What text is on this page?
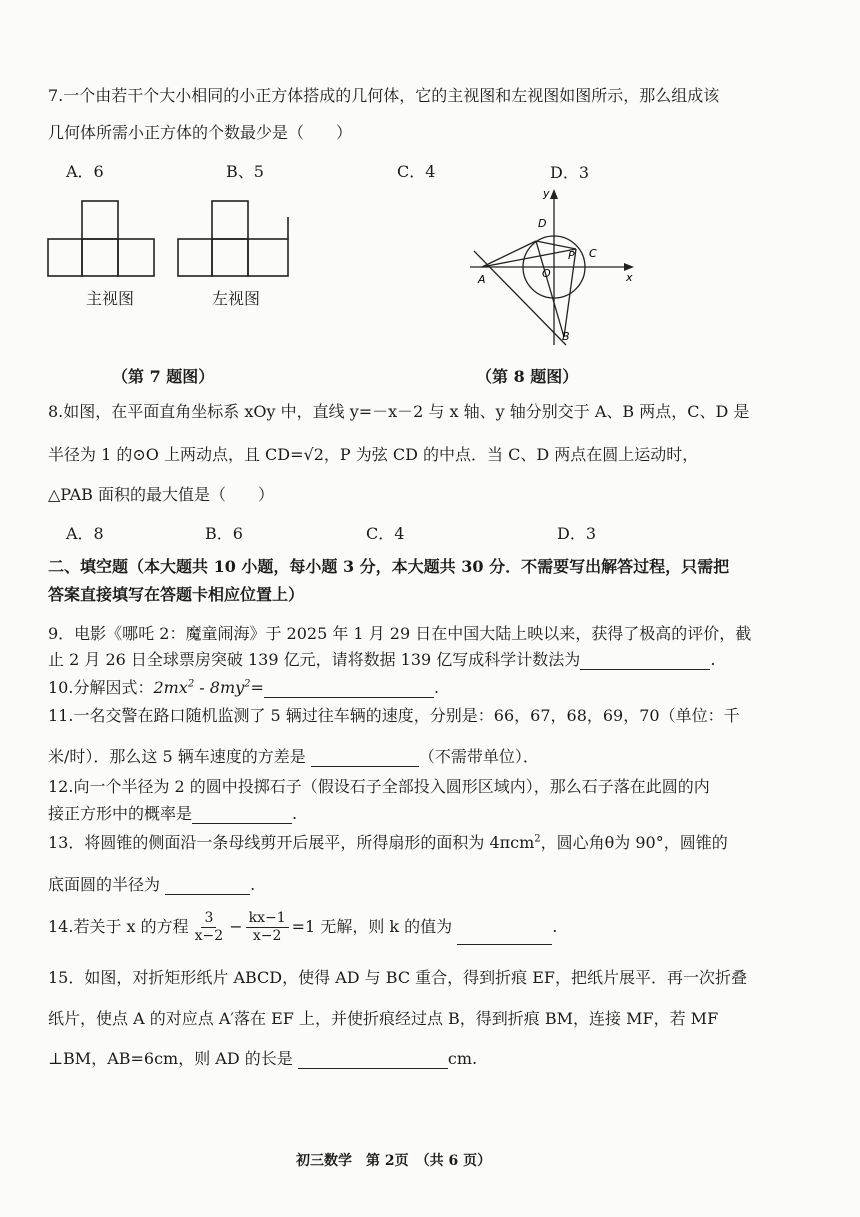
7.一个由若干个大小相同的小正方体搭成的几何体，它的主视图和左视图如图所示，那么组成该
几何体所需小正方体的个数最少是（　　）
A．6	B、5	C．4	D．3
主视图	左视图
y
x
D
P C
O
A
B
（第 7 题图）	（第 8 题图）
8.如图，在平面直角坐标系 xOy 中，直线 y=－x－2 与 x 轴、y 轴分别交于 A、B 两点，C、D 是
半径为 1 的⊙O 上两动点，且 CD=√2，P 为弦 CD 的中点．当 C、D 两点在圆上运动时，
△PAB 面积的最大值是（　　）
A．8	B．6	C．4	D．3
二、填空题（本大题共 10 小题，每小题 3 分，本大题共 30 分．不需要写出解答过程，只需把
答案直接填写在答题卡相应位置上）
9．电影《哪吒 2：魔童闹海》于 2025 年 1 月 29 日在中国大陆上映以来，获得了极高的评价，截
止 2 月 26 日全球票房突破 139 亿元，请将数据 139 亿写成科学计数法为	.
10.分解因式：$2mx^2 - 8my^2=$	.
11.一名交警在路口随机监测了 5 辆过往车辆的速度，分别是：66，67，68，69，70（单位：千
米/时）．那么这 5 辆车速度的方差是	（不需带单位）．
12.向一个半径为 2 的圆中投掷石子（假设石子全部投入圆形区域内），那么石子落在此圆的内
接正方形中的概率是	.
13．将圆锥的侧面沿一条母线剪开后展平，所得扇形的面积为 4πcm$^2$，圆心角θ为 90°，圆锥的
底面圆的半径为	.
14.若关于 x 的方程 $\frac{3}{x-2} - \frac{kx-1}{x-2} =1$ 无解，则 k 的值为	.
15．如图，对折矩形纸片 ABCD，使得 AD 与 BC 重合，得到折痕 EF，把纸片展平．再一次折叠
纸片，使点 A 的对应点 A′落在 EF 上，并使折痕经过点 B，得到折痕 BM，连接 MF，若 MF
⊥BM，AB=6cm，则 AD 的长是	cm.
初三数学　第 2页　（共 6 页）
